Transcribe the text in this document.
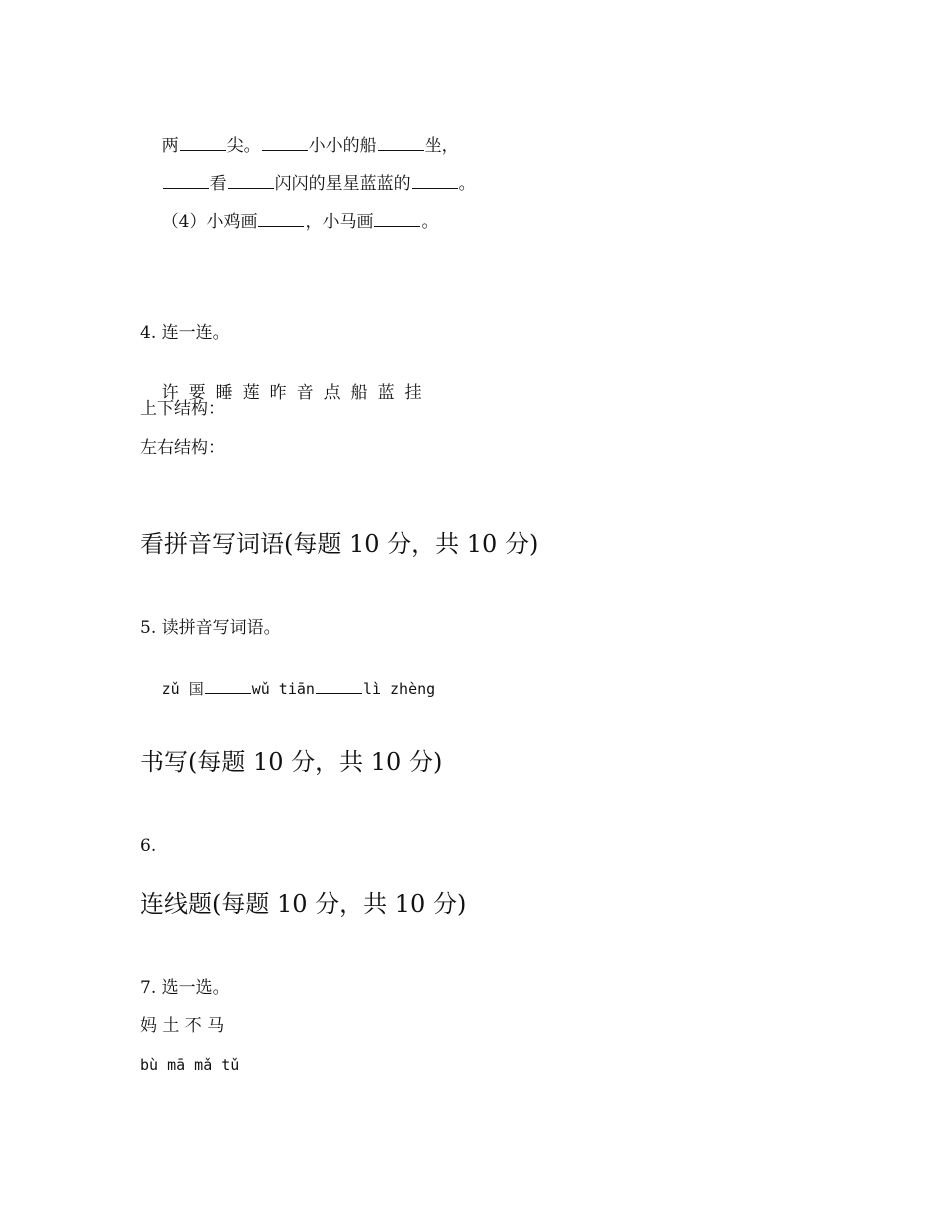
两	尖。	小小的船	坐，

看	闪闪的星星蓝蓝的	。

（4）小鸡画	，小马画	。

4. 连一连。

许 要 睡 莲 昨 音 点 船 蓝 挂

上下结构：
左右结构：
看拼音写词语(每题 10 分，共 10 分)
5. 读拼音写词语。

zǔ 国	wǔ tiān	lì zhèng

书写(每题 10 分，共 10 分)
6.
连线题(每题 10 分，共 10 分)
7. 选一选。
妈 土 不 马
bù mā mǎ tǔ
